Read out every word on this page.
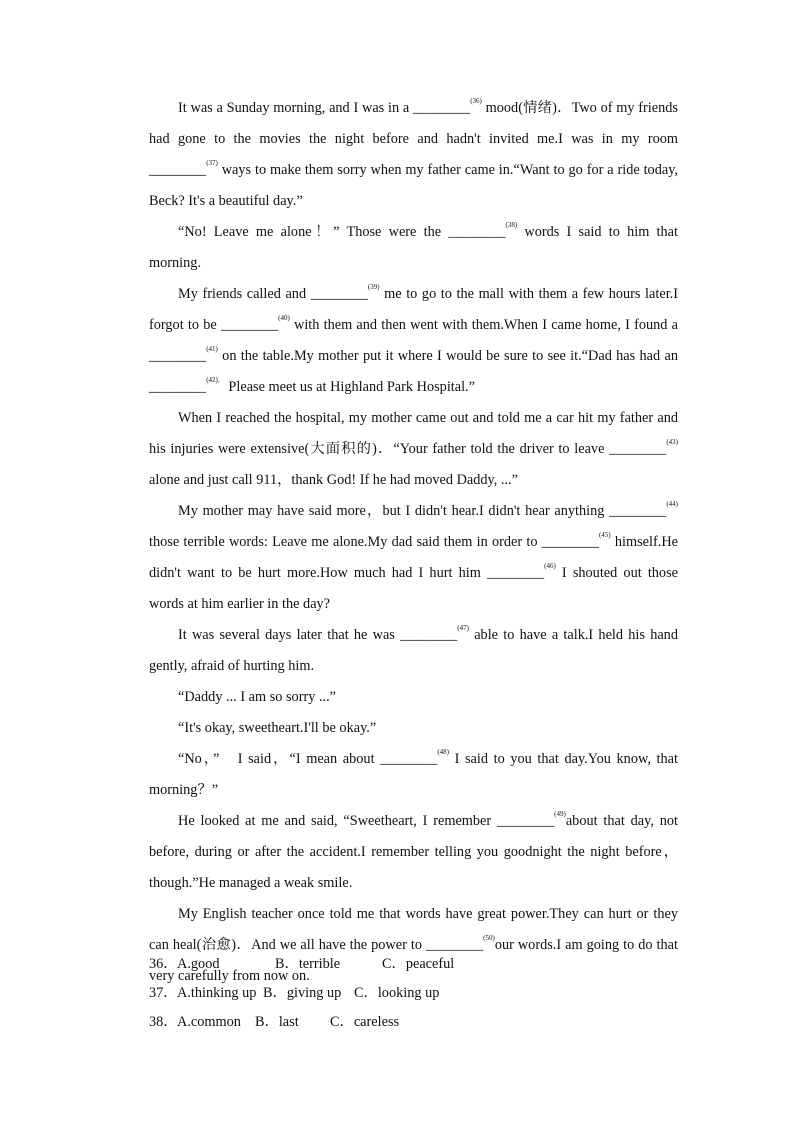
It was a Sunday morning, and I was in a ________$^{(36)}$ mood(情绪)．Two of my friends had gone to the movies the night before and hadn't invited me.I was in my room ________$^{(37)}$ ways to make them sorry when my father came in.“Want to go for a ride today, Beck? It's a beautiful day.”

“No! Leave me alone！” Those were the ________$^{(38)}$ words I said to him that morning.

My friends called and ________$^{(39)}$ me to go to the mall with them a few hours later.I forgot to be ________$^{(40)}$ with them and then went with them.When I came home, I found a ________$^{(41)}$ on the table.My mother put it where I would be sure to see it.“Dad has had an ________$^{(42).}$ Please meet us at Highland Park Hospital.”

When I reached the hospital, my mother came out and told me a car hit my father and his injuries were extensive(大面积的)．“Your father told the driver to leave ________$^{(43)}$ alone and just call 911，thank God! If he had moved Daddy, ...”

My mother may have said more，but I didn't hear.I didn't hear anything ________$^{(44)}$ those terrible words: Leave me alone.My dad said them in order to ________$^{(45)}$ himself.He didn't want to be hurt more.How much had I hurt him ________$^{(46)}$ I shouted out those words at him earlier in the day?

It was several days later that he was ________$^{(47)}$ able to have a talk.I held his hand gently, afraid of hurting him.

“Daddy ... I am so sorry ...”

“It's okay, sweetheart.I'll be okay.”

“No，”　I said，“I mean about ________$^{(48)}$ I said to you that day.You know, that morning？”

He looked at me and said, “Sweetheart, I remember ________$^{(49)}$about that day, not before, during or after the accident.I remember telling you goodnight the night before，though.”He managed a weak smile.

My English teacher once told me that words have great power.They can hurt or they can heal(治愈)．And we all have the power to ________$^{(50)}$our words.I am going to do that very carefully from now on.

36．A.good	B．terrible	C．peaceful
37．A.thinking up B．giving up C．looking up
38．A.common B．last C．careless
